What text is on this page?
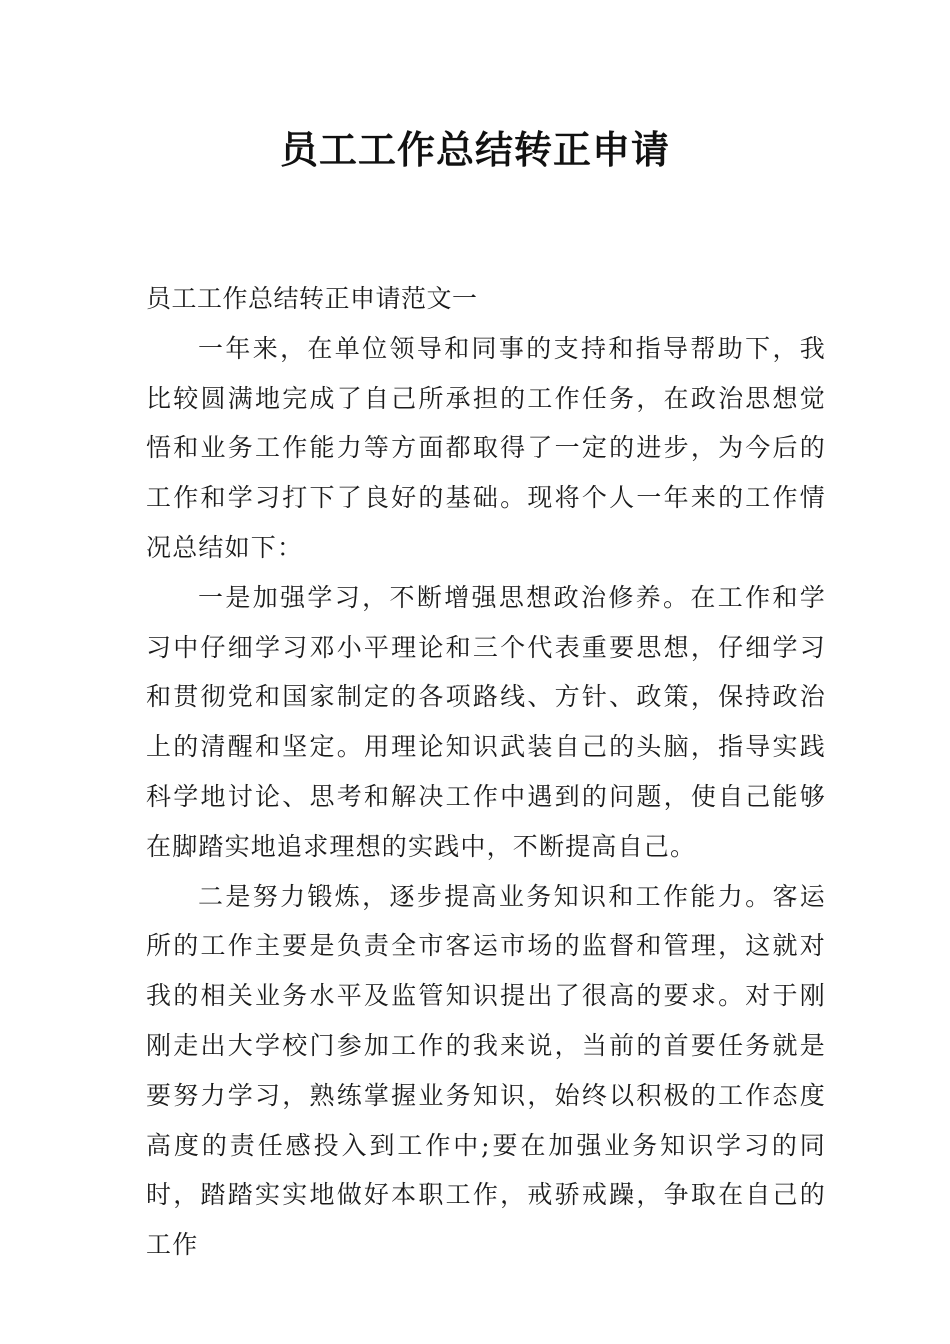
员工工作总结转正申请

员工工作总结转正申请范文一

一年来，在单位领导和同事的支持和指导帮助下，我比较圆满地完成了自己所承担的工作任务，在政治思想觉悟和业务工作能力等方面都取得了一定的进步，为今后的工作和学习打下了良好的基础。现将个人一年来的工作情况总结如下：

一是加强学习，不断增强思想政治修养。在工作和学习中仔细学习邓小平理论和三个代表重要思想，仔细学习和贯彻党和国家制定的各项路线、方针、政策，保持政治上的清醒和坚定。用理论知识武装自己的头脑，指导实践科学地讨论、思考和解决工作中遇到的问题，使自己能够在脚踏实地追求理想的实践中，不断提高自己。

二是努力锻炼，逐步提高业务知识和工作能力。客运所的工作主要是负责全市客运市场的监督和管理，这就对我的相关业务水平及监管知识提出了很高的要求。对于刚刚走出大学校门参加工作的我来说，当前的首要任务就是要努力学习，熟练掌握业务知识，始终以积极的工作态度高度的责任感投入到工作中;要在加强业务知识学习的同时，踏踏实实地做好本职工作，戒骄戒躁，争取在自己的工作
